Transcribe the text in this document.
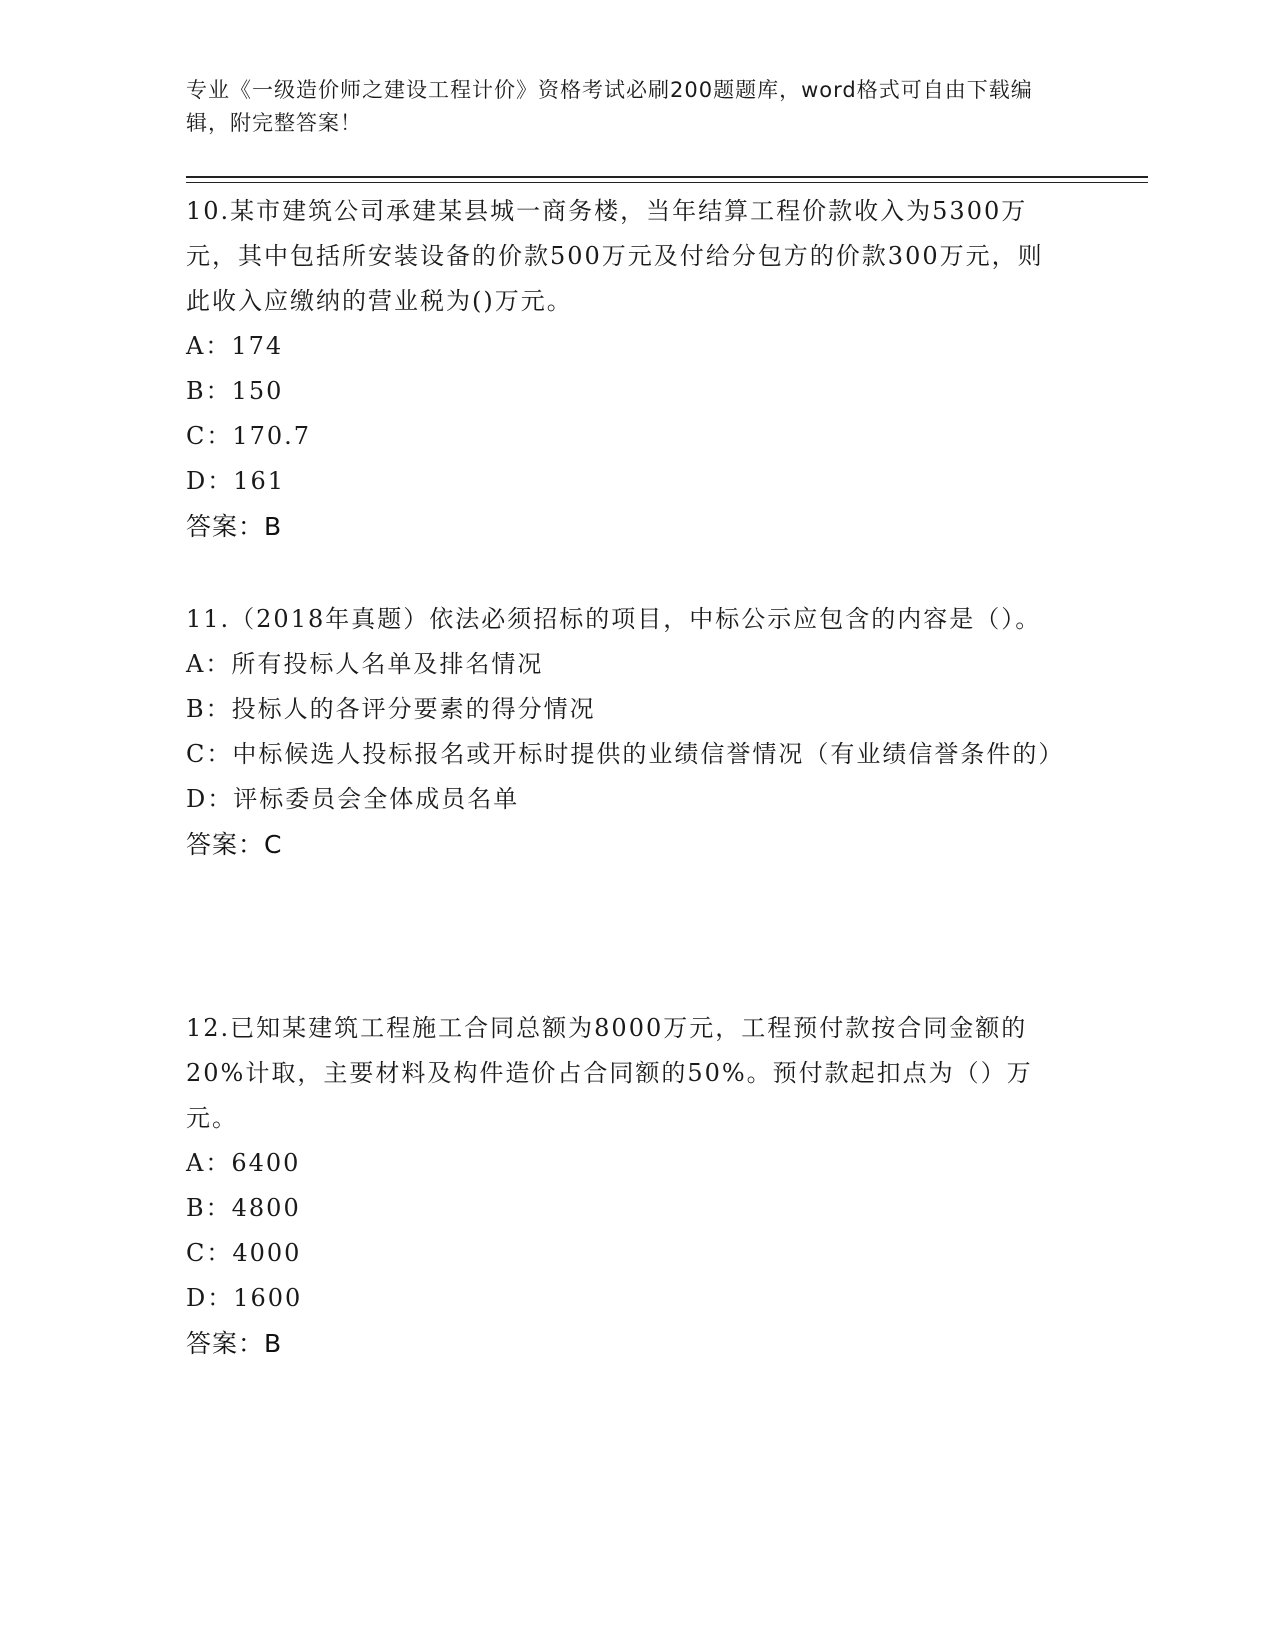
专业《一级造价师之建设工程计价》资格考试必刷200题题库，word格式可自由下载编辑，附完整答案！

10.某市建筑公司承建某县城一商务楼，当年结算工程价款收入为5300万元，其中包括所安装设备的价款500万元及付给分包方的价款300万元，则此收入应缴纳的营业税为()万元。

A：174

B：150

C：170.7

D：161

答案：B

11.（2018年真题）依法必须招标的项目，中标公示应包含的内容是（）。

A：所有投标人名单及排名情况

B：投标人的各评分要素的得分情况

C：中标候选人投标报名或开标时提供的业绩信誉情况（有业绩信誉条件的）

D：评标委员会全体成员名单

答案：C

12.已知某建筑工程施工合同总额为8000万元，工程预付款按合同金额的20%计取，主要材料及构件造价占合同额的50%。预付款起扣点为（）万元。

A：6400

B：4800

C：4000

D：1600

答案：B
